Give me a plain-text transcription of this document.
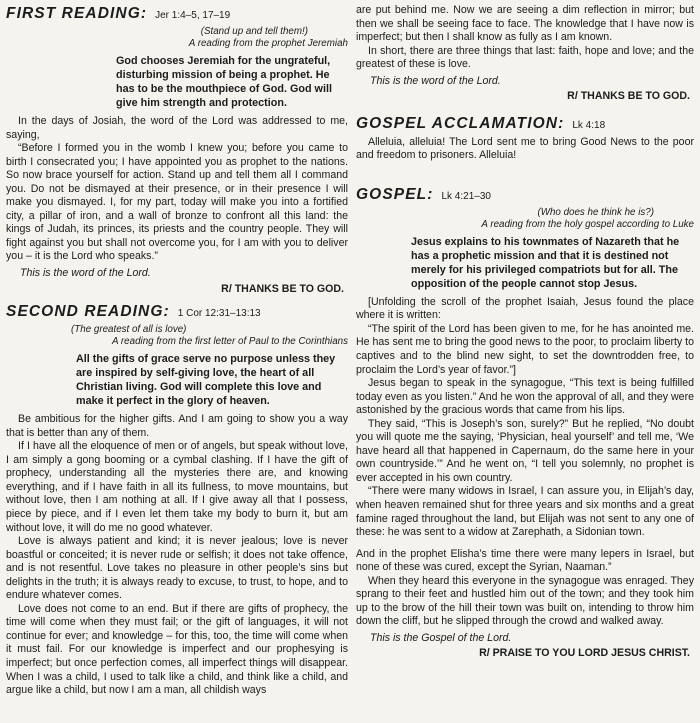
FIRST READING: Jer 1:4–5, 17–19
(Stand up and tell them!)
A reading from the prophet Jeremiah
God chooses Jeremiah for the ungrateful, disturbing mission of being a prophet. He has to be the mouthpiece of God. God will give him strength and protection.

In the days of Josiah, the word of the Lord was addressed to me, saying,

“Before I formed you in the womb I knew you; before you came to birth I consecrated you; I have appointed you as prophet to the nations. So now brace yourself for action. Stand up and tell them all I command you. Do not be dismayed at their presence, or in their presence I will make you dismayed. I, for my part, today will make you into a fortified city, a pillar of iron, and a wall of bronze to confront all this land: the kings of Judah, its princes, its priests and the country people. They will fight against you but shall not overcome you, for I am with you to deliver you – it is the Lord who speaks.”

This is the word of the Lord.
R/ THANKS BE TO GOD.
SECOND READING: 1 Cor 12:31–13:13
(The greatest of all is love)
A reading from the first letter of Paul to the Corinthians
All the gifts of grace serve no purpose unless they are inspired by self-giving love, the heart of all Christian living. God will complete this love and make it perfect in the glory of heaven.

Be ambitious for the higher gifts. And I am going to show you a way that is better than any of them.

If I have all the eloquence of men or of angels, but speak without love, I am simply a gong booming or a cymbal clashing. If I have the gift of prophecy, understanding all the mysteries there are, and knowing everything, and if I have faith in all its fullness, to move mountains, but without love, then I am nothing at all. If I give away all that I possess, piece by piece, and if I even let them take my body to burn it, but am without love, it will do me no good whatever.

Love is always patient and kind; it is never jealous; love is never boastful or conceited; it is never rude or selfish; it does not take offence, and is not resentful. Love takes no pleasure in other people’s sins but delights in the truth; it is always ready to excuse, to trust, to hope, and to endure whatever comes.

Love does not come to an end. But if there are gifts of prophecy, the time will come when they must fail; or the gift of languages, it will not continue for ever; and knowledge – for this, too, the time will come when it must fail. For our knowledge is imperfect and our prophesying is imperfect; but once perfection comes, all imperfect things will disappear. When I was a child, I used to talk like a child, and think like a child, and argue like a child, but now I am a man, all childish ways

are put behind me. Now we are seeing a dim reflection in mirror; but then we shall be seeing face to face. The knowledge that I have now is imperfect; but then I shall know as fully as I am known.

In short, there are three things that last: faith, hope and love; and the greatest of these is love.

This is the word of the Lord.
R/ THANKS BE TO GOD.
GOSPEL ACCLAMATION: Lk 4:18

Alleluia, alleluia! The Lord sent me to bring Good News to the poor and freedom to prisoners. Alleluia!

GOSPEL: Lk 4:21–30
(Who does he think he is?)
A reading from the holy gospel according to Luke
Jesus explains to his townmates of Nazareth that he has a prophetic mission and that it is destined not merely for his privileged compatriots but for all. The opposition of the people cannot stop Jesus.

[Unfolding the scroll of the prophet Isaiah, Jesus found the place where it is written:

“The spirit of the Lord has been given to me, for he has anointed me. He has sent me to bring the good news to the poor, to proclaim liberty to captives and to the blind new sight, to set the downtrodden free, to proclaim the Lord’s year of favor.”]

Jesus began to speak in the synagogue, “This text is being fulfilled today even as you listen.” And he won the approval of all, and they were astonished by the gracious words that came from his lips.

They said, “This is Joseph’s son, surely?” But he replied, “No doubt you will quote me the saying, ‘Physician, heal yourself’ and tell me, ‘We have heard all that happened in Capernaum, do the same here in your own countryside.’” And he went on, “I tell you solemnly, no prophet is ever accepted in his own country.

“There were many widows in Israel, I can assure you, in Elijah’s day, when heaven remained shut for three years and six months and a great famine raged throughout the land, but Elijah was not sent to any one of these: he was sent to a widow at Zarephath, a Sidonian town.

And in the prophet Elisha’s time there were many lepers in Israel, but none of these was cured, except the Syrian, Naaman.”

When they heard this everyone in the synagogue was enraged. They sprang to their feet and hustled him out of the town; and they took him up to the brow of the hill their town was built on, intending to throw him down the cliff, but he slipped through the crowd and walked away.

This is the Gospel of the Lord.
R/ PRAISE TO YOU LORD JESUS CHRIST.
